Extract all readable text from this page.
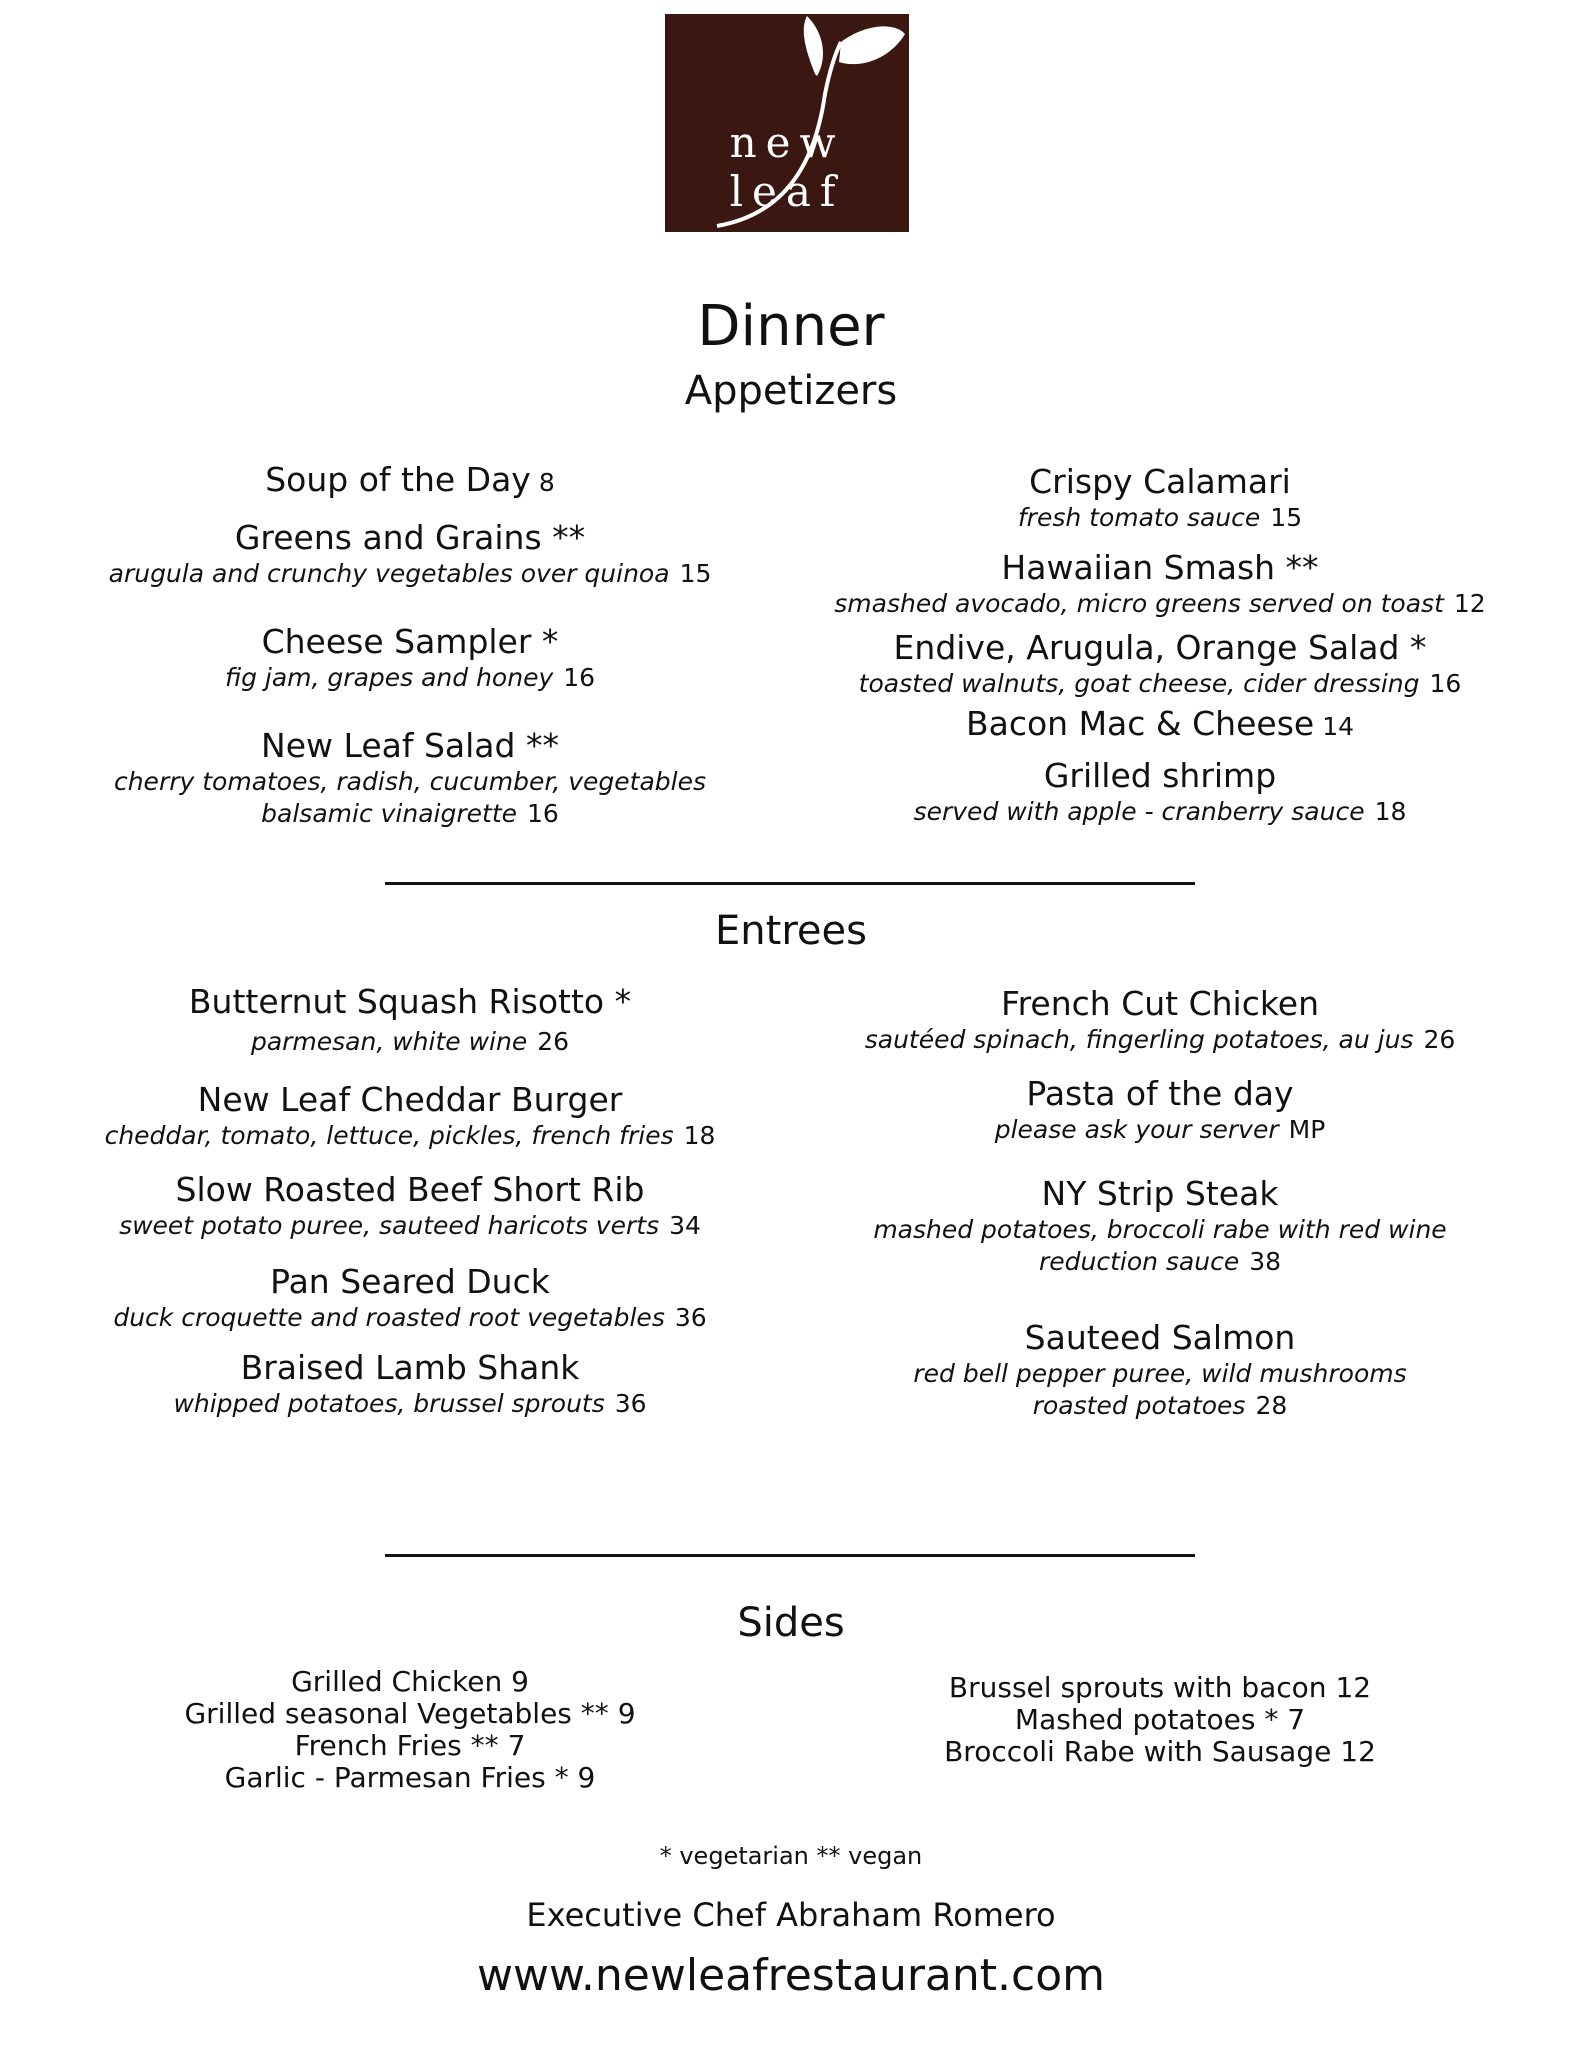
new leaf
Dinner
Appetizers
Soup of the Day 8
Greens and Grains **
arugula and crunchy vegetables over quinoa 15
Cheese Sampler *
fig jam, grapes and honey 16
New Leaf Salad **
cherry tomatoes, radish, cucumber, vegetables
balsamic vinaigrette 16
Crispy Calamari
fresh tomato sauce 15
Hawaiian Smash **
smashed avocado, micro greens served on toast 12
Endive, Arugula, Orange Salad *
toasted walnuts, goat cheese, cider dressing 16
Bacon Mac & Cheese 14
Grilled shrimp
served with apple - cranberry sauce 18
Entrees
Butternut Squash Risotto *
parmesan, white wine 26
New Leaf Cheddar Burger
cheddar, tomato, lettuce, pickles, french fries 18
Slow Roasted Beef Short Rib
sweet potato puree, sauteed haricots verts 34
Pan Seared Duck
duck croquette and roasted root vegetables 36
Braised Lamb Shank
whipped potatoes, brussel sprouts 36
French Cut Chicken
sautéed spinach, fingerling potatoes, au jus 26
Pasta of the day
please ask your server MP
NY Strip Steak
mashed potatoes, broccoli rabe with red wine
reduction sauce 38
Sauteed Salmon
red bell pepper puree, wild mushrooms
roasted potatoes 28
Sides
Grilled Chicken 9
Grilled seasonal Vegetables ** 9
French Fries ** 7
Garlic - Parmesan Fries * 9
Brussel sprouts with bacon 12
Mashed potatoes * 7
Broccoli Rabe with Sausage 12
* vegetarian ** vegan
Executive Chef Abraham Romero
www.newleafrestaurant.com
